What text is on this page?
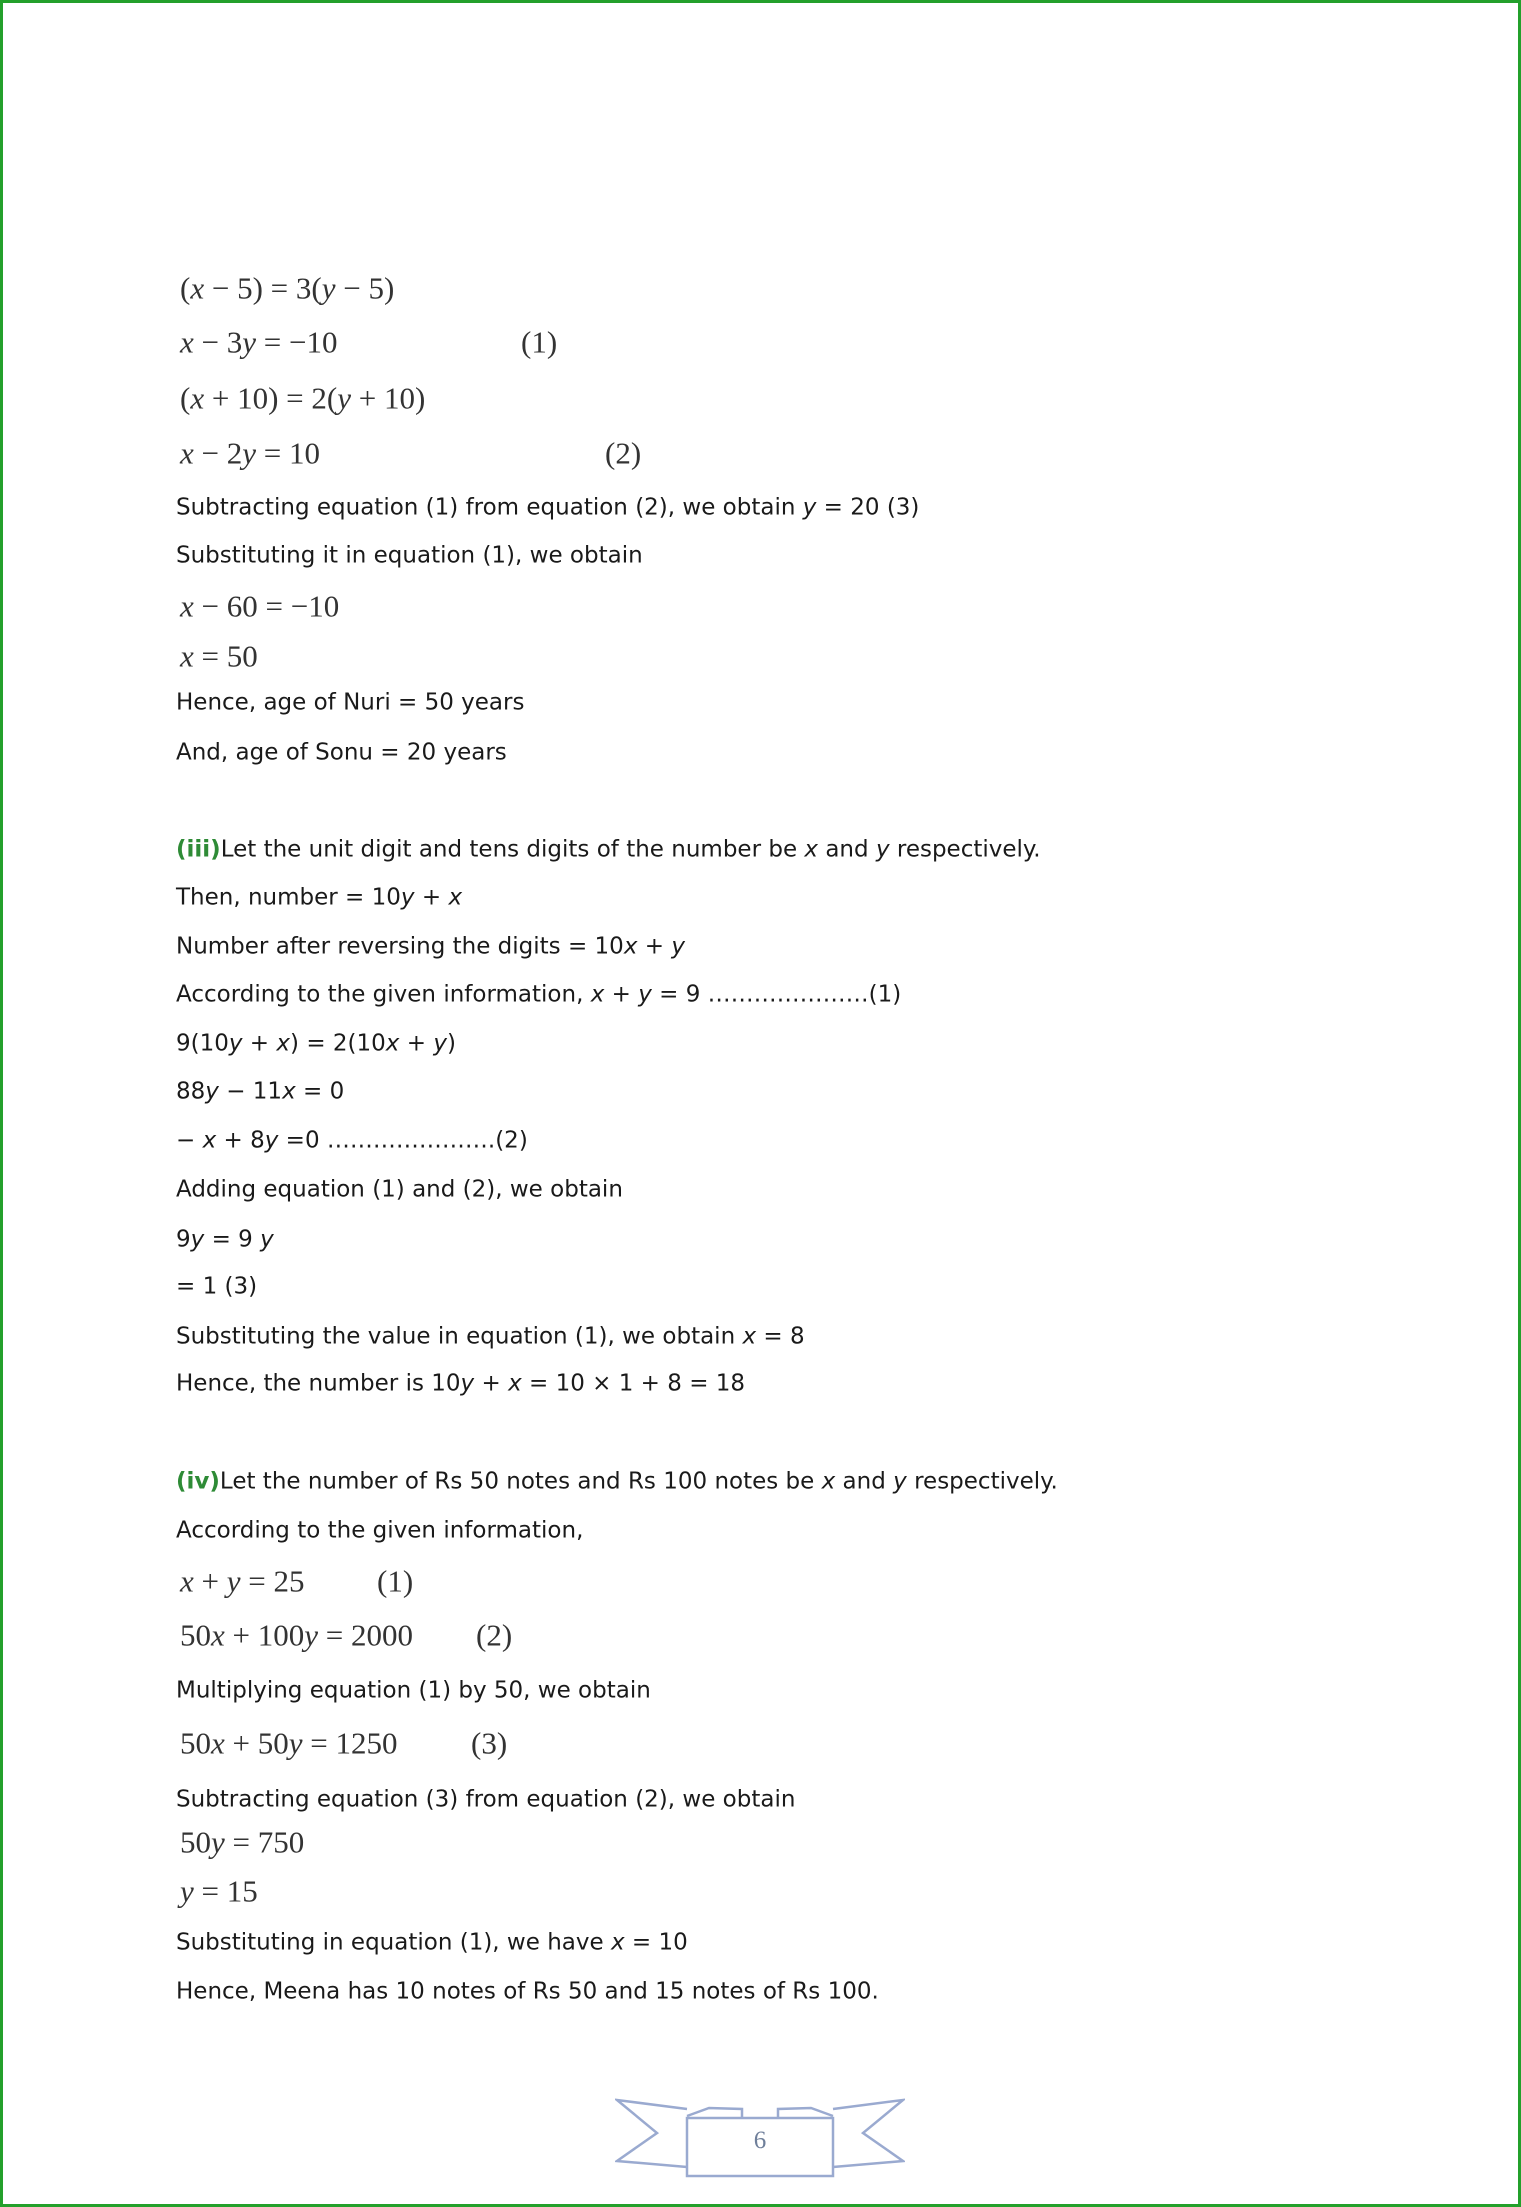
(x − 5) = 3(y − 5)
x − 3y = −10	(1)
(x + 10) = 2(y + 10)
x − 2y = 10	(2)
Subtracting equation (1) from equation (2), we obtain y = 20 (3)
Substituting it in equation (1), we obtain
x − 60 = −10
x = 50
Hence, age of Nuri = 50 years
And, age of Sonu = 20 years
(iii)Let the unit digit and tens digits of the number be x and y respectively.
Then, number = 10y + x
Number after reversing the digits = 10x + y
According to the given information, x + y = 9 …………………(1)
9(10y + x) = 2(10x + y)
88y − 11x = 0
− x + 8y =0 ………………….(2)
Adding equation (1) and (2), we obtain
9y = 9 y
= 1 (3)
Substituting the value in equation (1), we obtain x = 8
Hence, the number is 10y + x = 10 × 1 + 8 = 18
(iv)Let the number of Rs 50 notes and Rs 100 notes be x and y respectively.
According to the given information,
x + y = 25 (1)
50x + 100y = 2000 (2)
Multiplying equation (1) by 50, we obtain
50x + 50y = 1250 (3)
Subtracting equation (3) from equation (2), we obtain
50y = 750
y = 15
Substituting in equation (1), we have x = 10
Hence, Meena has 10 notes of Rs 50 and 15 notes of Rs 100.
6
